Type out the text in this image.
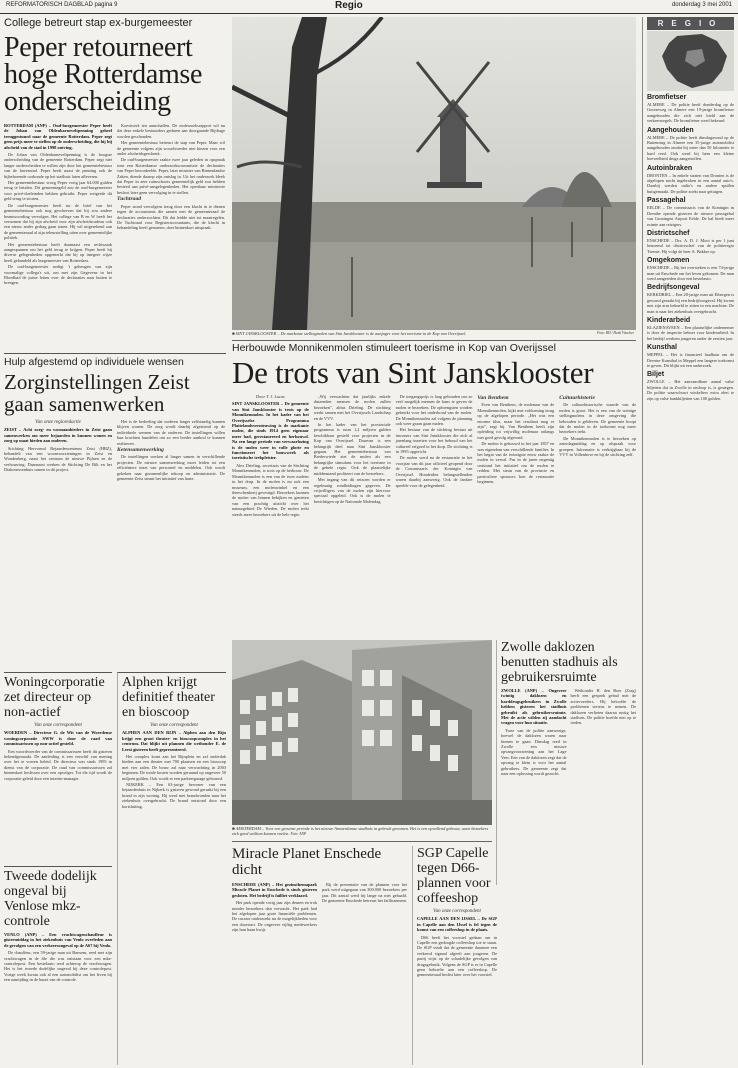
REFORMATORISCH DAGBLAD pagina 9	Regio	donderdag 3 mei 2001
College betreurt stap ex-burgemeester
Peper retourneert hoge Rotterdamse onderscheiding
ROTTERDAM (ANP) – Oud-burgemeester Peper heeft de Johan van Oldenbarneveltpenning geheel teruggestuurd naar de gemeente Rotterdam. Peper zegt geen prijs meer te stellen op de onderscheiding, die hij bij afscheid van de stad in 1998 ontving.

De Johan van Oldenbarneveltpenning is de hoogste onderscheiding van de gemeente Rotterdam. Peper zegt niet langer onderscheiden te willen zijn door het gemeentebestuur van de havenstad. Peper heeft naast de penning ook de bijbehorende oorkonde op het stadhuis laten afleveren.

Het gemeentebestuur vroeg Peper vorig jaar 64.000 gulden terug te betalen. Dit gemeentegeld zou de oud-burgemeester voor privé-doeleinden hebben gebruikt. Peper weigerde dit geld terug te storten.

De oud-burgemeester heeft nu de brief van het gemeentebestuur ook nog geschreven dat hij zou andere beantwoording vervolgen. Het college van B en W heeft het vernomen dat hij zijn afscheid voor zijn afscheidscadeau ook een nieuw ander gedrag gaan tonen. Hij wil uitgerekend aan de gemeenteraad al zijn teleurstelling uiten over gemeentelijke politiek.

Het gemeentebestuur heeft daarnaast een rechtszaak aangespannen om het geld terug te krijgen. Peper heeft bij diverse gelegenheden opgemerkt dat hij op integere wijze heeft gehandeld als burgemeester van Rotterdam.

De oud-burgemeester nodigt 't geheugen van zijn voormalige collega's uit, om met zijn Gegevens in het Bloedbad de juiste feiten over de declaraties naar buiten te brengen.

Koestwerk ten aanschaffen. De onderzoeksrapport wil nu dat deze enkele bestuurders geduren aan doorgaande Bijdrage worden geschonden.

Het gemeentebestuur betreurt de stap van Peper. Maar wil de gemeente volgens zijn woordvoerder niet kiezen voor een ander afscheidsgeschenk.

De oud-burgemeester raakte twee jaar geleden in opspraak toen een Rotterdamse onderzoekscommissie de declaraties van Peper beoordeelde. Peper, later minister van Binnenlandse Zaken, diende daarop zijn ontslag in. Uit het onderzoek bleek dat Peper in zeer ruimschoots gemeentelijk geld zou hebben besteed aan privé-aangelegenheden. Het openbaar ministerie besloot later geen vervolging in te stellen.

Tuchtraad

Peper stond vervolgens terug door een klacht in te dienen tegen de accountants die samen met de gemeenteraad de declaraties onderzochten. Dit dat leidde niet tot maatregelen. De Tuchtraad voor Registeraccountants, die de klacht in behandeling heeft genomen, doet binnenkort uitspraak.

■ SINT JANSKLOOSTER – De markante stellingmolen van Sint Jansklooster is de aanjager voor het toerisme in de Kop van Overijssel.	Foto: RD / Henk Visscher
Herbouwde Monnikenmolen stimuleert toerisme in Kop van Overijssel
De trots van Sint Jansklooster
Door T. J. Lucas
SINT JANSKLOOSTER – De gemeente van Sint Jansklooster is trots op de Monnikenmolen. In het kader van het Overijsselse Programma Plattelandsvernieuwing is de markante molen, die sinds 1914 geen eigenaar meer had, gerestaureerd en herbouwd. Na een lange periode van verwaarlozing is de molen weer in volle glorie en functioneert het bouwwerk als toeristische trekpleister.

Alex Drieling, secretaris van de Stichting Monnikenmolen, is trots op de herbouw. De Monnikenmolen is een van de twee molens in het dorp. In de molen is nu ook een museum, een molenwinkel en een theeschenkerij gevestigd. Bezoekers kunnen de molen van binnen bekijken en genieten van een prachtig uitzicht over het natuurgebied De Wieden. De molen trekt steeds meer bezoekers uit de hele regio.

„Wij verwachten dat jaarlijks enkele duizenden mensen de molen zullen bezoeken”, aldus Drieling. De stichting werkt samen met het Overijssels Landschap en de VVV.

In het kader van het provinciale programma is ruim 1,2 miljoen gulden beschikbaar gesteld voor projecten in de Kop van Overijssel. Daarvan is een belangrijk deel naar Sint Jansklooster gegaan. Het gemeentebestuur van Brederwiede ziet de molen als een belangrijke stimulans voor het toerisme in de gehele regio. Ook de plaatselijke middenstand profiteert van de bezoekers.

Met ingang van dit seizoen worden er regelmatig rondleidingen gegeven. De vrijwilligers van de molen zijn hiervoor speciaal opgeleid. Ook is de molen te bezichtigen op de Nationale Molendag.

De toegangsprijs is laag gehouden om zo veel mogelijk mensen de kans te geven de molen te bezoeken. De opbrengsten worden gebruikt voor het onderhoud van de molen. De Monnikenmolen zal volgens de planning ook weer graan gaan malen.

Het bestuur van de stichting bestaat uit inwoners van Sint Jansklooster die zich al jarenlang inzetten voor het behoud van het cultureel erfgoed in het dorp. De stichting is in 1995 opgericht.

De molen werd na de restauratie in het voorjaar van dit jaar officieel geopend door de Commissaris der Koningin van Overijssel. Honderden belangstellenden waren daarbij aanwezig. Ook de fanfare speelde voor de gelegenheid.

Van Benthem

Even van Benthem, de molenaar van de Monnikenmolen, kijkt met voldoening terug op de afgelopen periode. „Het was een enorme klus, maar het resultaat mag er zijn”, zegt hij. Van Benthem heeft zijn opleiding tot vrijwillig molenaar onlangs met goed gevolg afgerond.

De molen is gebouwd in het jaar 1857 en was eigendom van verschillende families. In het begin van de twintigste eeuw raakte de molen in verval. Pas in de jaren negentig ontstond het initiatief om de molen te redden. Met steun van de provincie en particuliere sponsors kon de restauratie beginnen.

Cultuurhistorie

De cultuurhistorische waarde van de molen is groot. Het is een van de weinige stellingmolens in deze omgeving die behouden is gebleven. De gemeente hoopt dat de molen in de toekomst nog meer bezoekers trekt.

De Monnikenmolen is te bezoeken op zaterdagmiddag en op afspraak voor groepen. Informatie is verkrijgbaar bij de VVV in Vollenhove en bij de stichting zelf.

REGIO
Bromfietser
ALMERE – De politie heeft donderdag op de Gooiseweg in Almere een 19-jarige bromfietser aangehouden die zich niet hield aan de verkeersregels. De bromfietser werd bekeurd.
Aangehouden
ALMERE – De politie heeft dinsdagavond op de Buitenring in Almere een 35-jarige automobilist aangehouden omdat hij meer dan 50 kilometer te hard reed. Ook werd bij hem een kleine hoeveelheid drugs aangetroffen.
Autoinbraken
DRONTEN – In enkele straten van Dronten is de afgelopen nacht ingebroken in een aantal auto's. Daarbij werden radio's en andere spullen buitgemaakt. De politie zoekt naar getuigen.
Passagehal
EELDE – De commissaris van de Koningin in Drenthe opende gisteren de nieuwe passagehal van Groningen Airport Eelde. De hal biedt meer ruimte aan reizigers.
Districtschef
ENSCHEDE – Drs. A. D. J. Mooi is per 1 juni benoemd tot districtschef van de politieregio Twente. Hij volgt de heer A. Bakker op.
Omgekomen
ENSCHEDE – Bij het oversteken is een 74-jarige man uit Enschede om het leven gekomen. De man werd aangereden door een bestelauto.
Bedrijfsongeval
KERKDRIEL – Een 28-jarige man uit Eibergen is gewond geraakt bij een bedrijfsongeval. Hij kwam met zijn arm bekneld te zitten in een machine. De man is naar het ziekenhuis overgebracht.
Kinderarbeid
KLAZIENAVEEN – Een plaatselijke ondernemer is door de inspectie beboet voor kinderarbeid. In het bedrijf werkten jongeren onder de zestien jaar.
Kunsthal
MEPPEL – Het is financieel haalbaar om de Drentse Kunsthal in Meppel een langere toekomst te geven. Dit blijkt uit een onderzoek.
Biljet
ZWOLLE – Het aanvaardbare aantal valse biljetten dat in Zwolle in omloop is, is gestegen. De politie waarschuwt winkeliers extra alert te zijn op valse bankbiljetten van 100 gulden.
Hulp afgestemd op individuele wensen
Zorginstellingen Zeist gaan samenwerken
Van onze regioredactie
ZEIST – Acht zorg- en woonaanbieders in Zeist gaan samenwerken om meer bejaarden in kunnen wonen en zorg op maat bieden aan ouderen.

Stichting Hervormd Bejaardencentrum Zeist (HBZ), behandelt van een woonvoorzieningen in Zeist en Woudenberg, naast het centrum de nieuwe Pijlaen en de verbouwing. Daarnaast werken de Stichting De Bilt en het Diakonessenhuis samen in dit project.

Het is de bedoeling dat ouderen langer zelfstandig kunnen blijven wonen. De zorg wordt daarbij afgestemd op de individuele wensen van de ouderen. De instellingen willen hun krachten bundelen om zo een breder aanbod te kunnen realiseren.

Ketensamenwerking

De instellingen werken al langer samen in verschillende projecten. De nieuwe samenwerking moet leiden tot een efficiëntere inzet van personeel en middelen. Ook wordt gekeken naar gezamenlijke inkoop en administratie. De gemeente Zeist steunt het initiatief van harte.

Woningcorporatie zet directeur op non-actief
Van onze correspondent
WOERDEN – Directeur G. de Wit van de Woerdense woningcorporatie SWW is door de raad van commissarissen op non-actief gesteld.

Een woordvoerder van de commissarissen heeft dit gisteren bekendgemaakt. De aanleiding is een verschil van mening over het te voeren beleid. De directeur was sinds 1995 in dienst van de corporatie. De raad van commissarissen zal binnenkort beslissen over een opvolger. Tot die tijd wordt de corporatie geleid door een interim-manager.

Tweede dodelijk ongeval bij Venlose mkz-controle
VENLO (ANP) – Een vrachtwagenchauffeur is gistermiddag in het ziekenhuis van Venlo overleden aan de gevolgen van een verkeersongeval op de A67 bij Venlo.

De chauffeur, een 59-jarige man uit Baexem, reed met zijn vrachtwagen in de file die was ontstaan voor een mkz-controlepost. Een bestelauto reed achterop de vrachtwagen. Het is het tweede dodelijke ongeval bij deze controlepost. Vorige week kwam ook al een automobilist om het leven bij een aanrijding in de buurt van de controle.

Alphen krijgt definitief theater en bioscoop
Van onze correspondent
ALPHEN AAN DEN RIJN – Alphen aan den Rijn krijgt een groot theater- en bioscoopcomplex in het centrum. Dat blijkt uit plannen die wethouder E. de Leest gisteren heeft gepresenteerd.

Het complex komt aan het Rijnplein en zal onderdak bieden aan een theater met 700 plaatsen en een bioscoop met vier zalen. De bouw zal naar verwachting in 2003 beginnen. De totale kosten worden geraamd op ongeveer 50 miljoen gulden. Ook wordt er een parkeergarage gebouwd.

NIJKERK – Een 63-jarige bewoner van een bejaardenhuis in Nijkerk is gisteren gewond geraakt bij een brand in zijn woning. Hij werd met brandwonden naar het ziekenhuis overgebracht. De brand ontstond door een kortsluiting.

■ AMSTERDAM – Voor een geruime periode is het nieuwe Amsterdamse stadhuis in gebruik genomen. Het is een opvallend gebouw, waar bezoekers zich goed welkom kunnen voelen. Foto: ANP
Zwolle daklozen benutten stadhuis als gebruikersruimte
ZWOLLE (ANP) – Ongeveer twintig daklozen en harddrugsgebruikers in Zwolle hebben gisteren het stadhuis gebruikt als gebruikersruimte. Met de actie wilden zij aandacht vragen voor hun situatie.

Twee van de politie aanwezige, hoewel de daklozen waren naar binnen te gaan. Dinsdag reed in Zwolle een nieuwe opvangvoorziening aan het Lage Veer. Een van de daklozen zegt dat de opvang te klein is voor het aantal gebruikers. De gemeente zegt dat naar een oplossing wordt gezocht.

Wethouder H. den Boer (Zorg) heeft een gesprek gehad met de actievoerders. Hij beloofde de problemen serieus te nemen. De daklozen verlieten daarna rustig het stadhuis. De politie hoefde niet op te treden.

Miracle Planet Enschede dicht
ENSCHEDE (ANP) – Het gezinsthemapark Miracle Planet in Enschede is sinds gisteren gesloten. Het bedrijf is failliet verklaard.

Het park opende vorig jaar zijn deuren en trok minder bezoekers dan verwacht. Het park had het afgelopen jaar grote financiële problemen. De curator onderzoekt nu de mogelijkheden voor een doorstart. De ongeveer vijftig medewerkers zijn hun baan kwijt.

Bij de presentatie van de plannen voor het park werd uitgegaan van 300.000 bezoekers per jaar. Dit aantal werd bij lange na niet gehaald. De gemeente Enschede betreurt het faillissement.

SGP Capelle tegen D66-plannen voor coffeeshop
Van onze correspondent
CAPELLE AAN DEN IJSSEL – De SGP in Capelle aan den IJssel is fel tegen de komst van een coffeeshop in de plaats.

D66 heeft het voorstel gedaan om in Capelle een gedoogde coffeeshop toe te staan. De SGP vindt dat de gemeente daarmee een verkeerd signaal afgeeft aan jongeren. De partij wijst op de schadelijke gevolgen van drugsgebruik. Volgens de SGP is er in Capelle geen behoefte aan een coffeeshop. De gemeenteraad beslist later over het voorstel.
